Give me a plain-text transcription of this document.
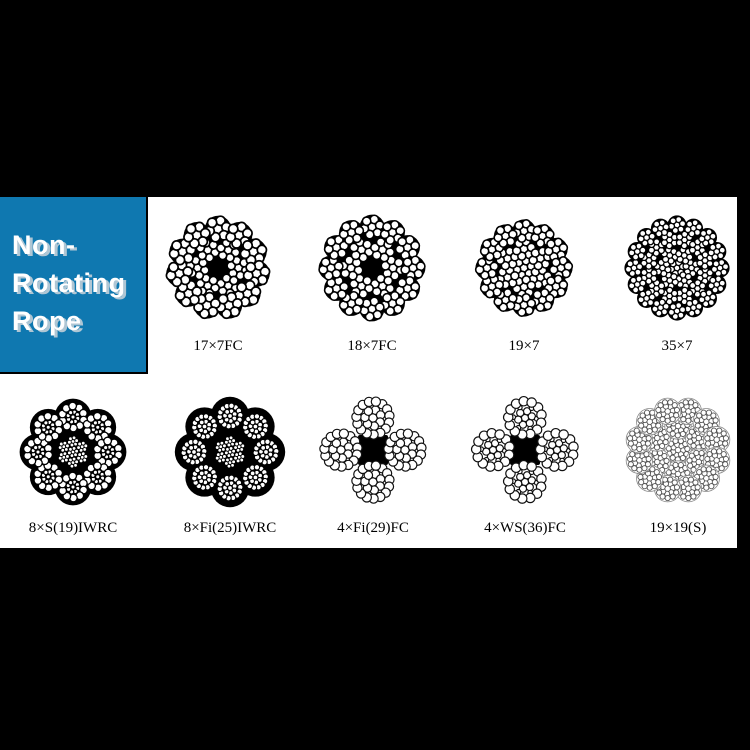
Non-
Rotating
Rope
17×7FC	18×7FC	19×7	35×7
8×S(19)IWRC	8×Fi(25)IWRC	4×Fi(29)FC	4×WS(36)FC	19×19(S)
